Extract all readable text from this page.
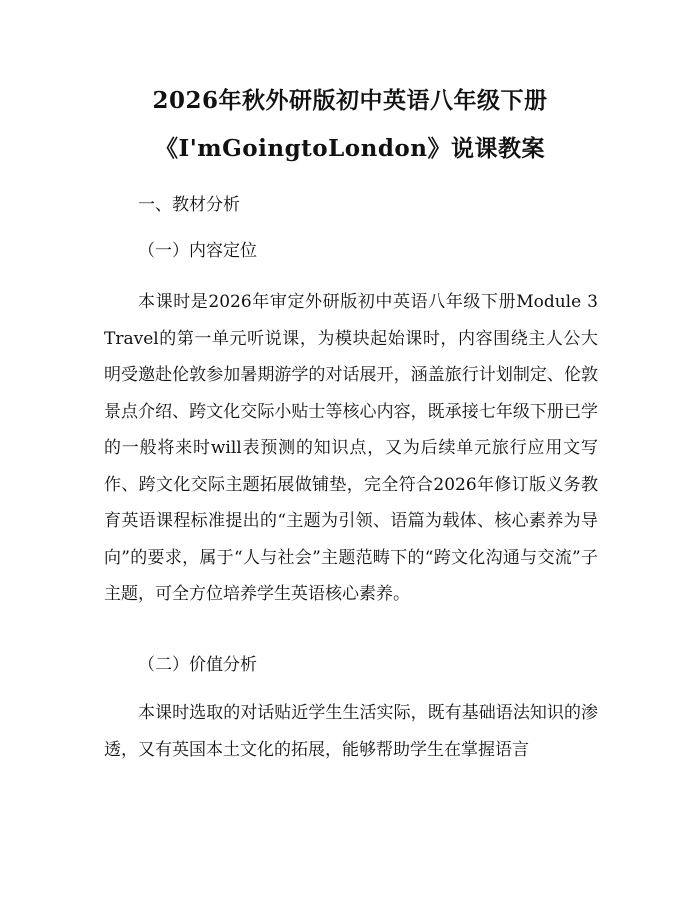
2026年秋外研版初中英语八年级下册
《I'mGoingtoLondon》说课教案
一、教材分析
（一）内容定位

本课时是2026年审定外研版初中英语八年级下册Module 3 Travel的第一单元听说课，为模块起始课时，内容围绕主人公大明受邀赴伦敦参加暑期游学的对话展开，涵盖旅行计划制定、伦敦景点介绍、跨文化交际小贴士等核心内容，既承接七年级下册已学的一般将来时will表预测的知识点，又为后续单元旅行应用文写作、跨文化交际主题拓展做铺垫，完全符合2026年修订版义务教育英语课程标准提出的“主题为引领、语篇为载体、核心素养为导向”的要求，属于“人与社会”主题范畴下的“跨文化沟通与交流”子主题，可全方位培养学生英语核心素养。

（二）价值分析

本课时选取的对话贴近学生生活实际，既有基础语法知识的渗透，又有英国本土文化的拓展，能够帮助学生在掌握语言
